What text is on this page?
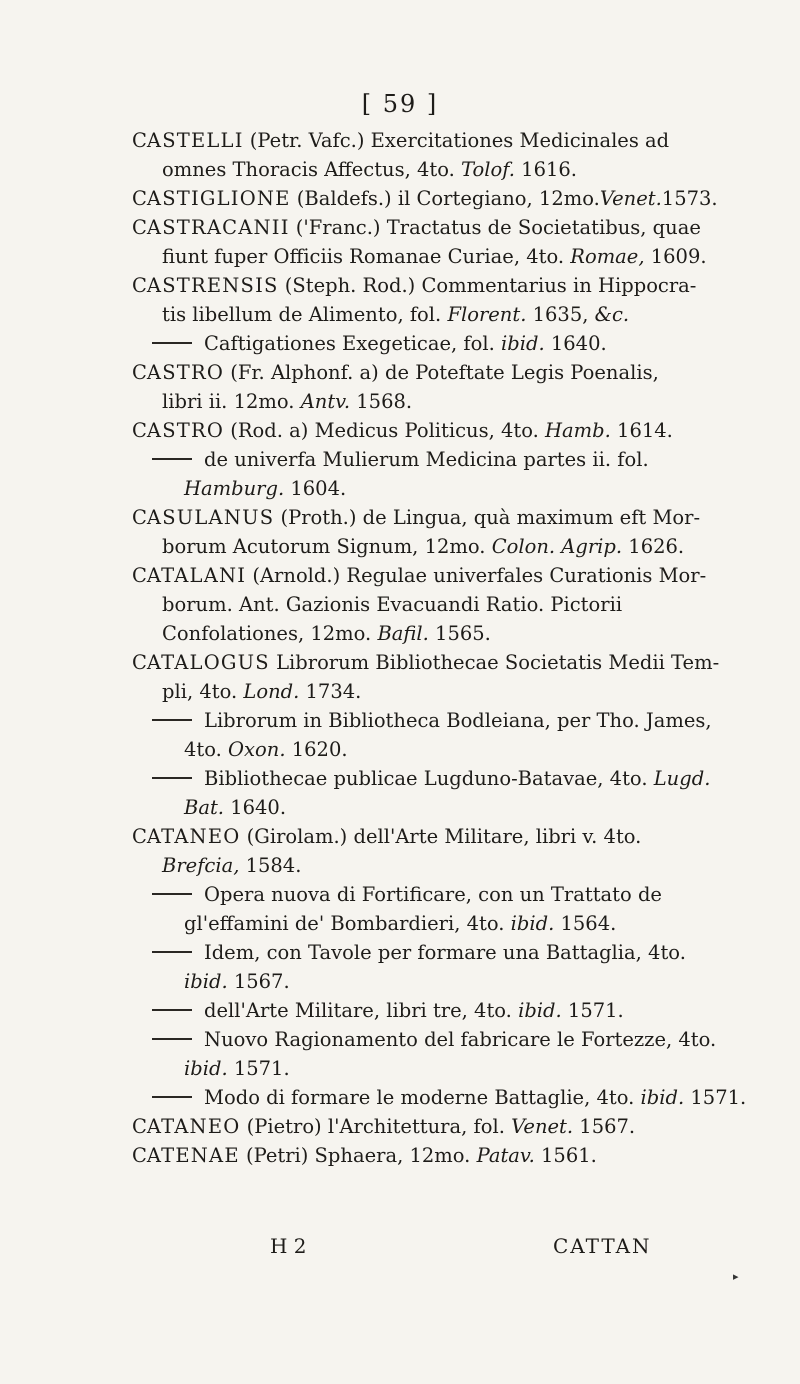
[ 59 ]
CASTELLI (Petr. Vafc.) Exercitationes Medicinales ad
omnes Thoracis Affectus, 4to. Tolof. 1616.
CASTIGLIONE (Baldefs.) il Cortegiano, 12mo.Venet.1573.
CASTRACANII ('Franc.) Tractatus de Societatibus, quae
fiunt fuper Officiis Romanae Curiae, 4to. Romae, 1609.
CASTRENSIS (Steph. Rod.) Commentarius in Hippocra-
tis libellum de Alimento, fol. Florent. 1635, &c.
Caftigationes Exegeticae, fol. ibid. 1640.
CASTRO (Fr. Alphonf. a) de Poteftate Legis Poenalis,
libri ii. 12mo. Antv. 1568.
CASTRO (Rod. a) Medicus Politicus, 4to. Hamb. 1614.
de univerfa Mulierum Medicina partes ii. fol.
Hamburg. 1604.
CASULANUS (Proth.) de Lingua, quà maximum eft Mor-
borum Acutorum Signum, 12mo. Colon. Agrip. 1626.
CATALANI (Arnold.) Regulae univerfales Curationis Mor-
borum. Ant. Gazionis Evacuandi Ratio. Pictorii
Confolationes, 12mo. Bafil. 1565.
CATALOGUS Librorum Bibliothecae Societatis Medii Tem-
pli, 4to. Lond. 1734.
Librorum in Bibliotheca Bodleiana, per Tho. James,
4to. Oxon. 1620.
Bibliothecae publicae Lugduno-Batavae, 4to. Lugd.
Bat. 1640.
CATANEO (Girolam.) dell'Arte Militare, libri v. 4to.
Brefcia, 1584.
Opera nuova di Fortificare, con un Trattato de
gl'effamini de' Bombardieri, 4to. ibid. 1564.
Idem, con Tavole per formare una Battaglia, 4to.
ibid. 1567.
dell'Arte Militare, libri tre, 4to. ibid. 1571.
Nuovo Ragionamento del fabricare le Fortezze, 4to.
ibid. 1571.
Modo di formare le moderne Battaglie, 4to. ibid. 1571.
CATANEO (Pietro) l'Architettura, fol. Venet. 1567.
CATENAE (Petri) Sphaera, 12mo. Patav. 1561.
H 2	CATTAN
▸
